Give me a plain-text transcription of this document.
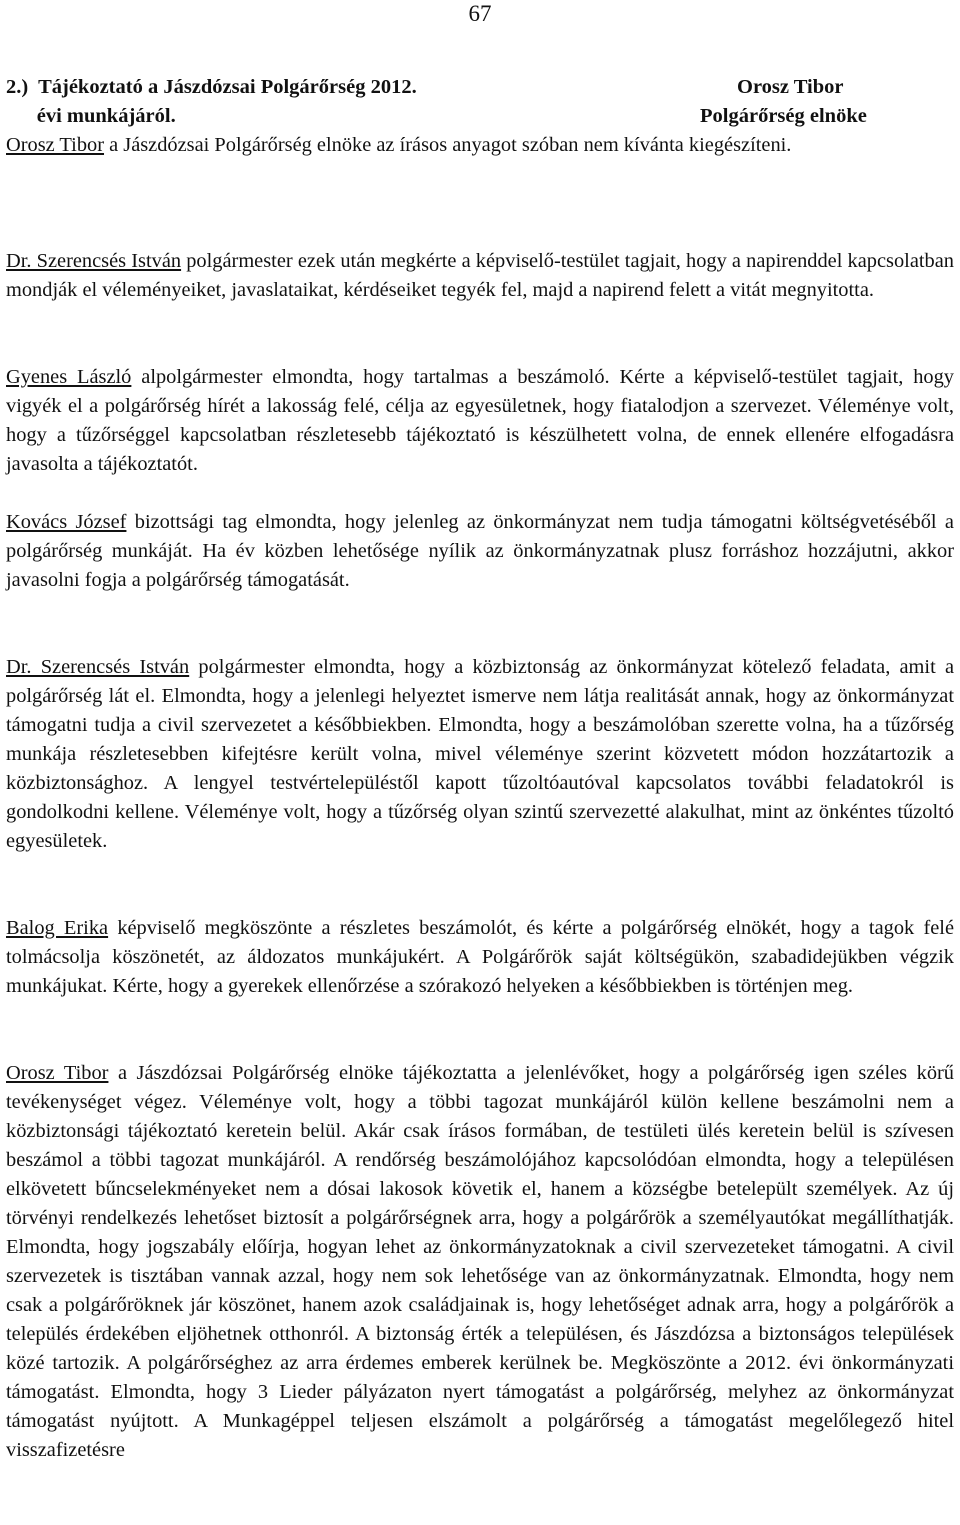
67
2.)  Tájékoztató a Jászdózsai Polgárőrség 2012.	Orosz Tibor
évi munkájáról.	Polgárőrség elnöke

Orosz Tibor a Jászdózsai Polgárőrség elnöke az írásos anyagot szóban nem kívánta kiegészíteni.

Dr. Szerencsés István polgármester ezek után megkérte a képviselő-testület tagjait, hogy a napirenddel kapcsolatban mondják el véleményeiket, javaslataikat, kérdéseiket tegyék fel, majd a napirend felett a vitát megnyitotta.

Gyenes László alpolgármester elmondta, hogy tartalmas a beszámoló. Kérte a képviselő-testület tagjait, hogy vigyék el a polgárőrség hírét a lakosság felé, célja az egyesületnek, hogy fiatalodjon a szervezet. Véleménye volt, hogy a tűzőrséggel kapcsolatban részletesebb tájékoztató is készülhetett volna, de ennek ellenére elfogadásra javasolta a tájékoztatót.

Kovács József bizottsági tag elmondta, hogy jelenleg az önkormányzat nem tudja támogatni költségvetéséből a polgárőrség munkáját. Ha év közben lehetősége nyílik az önkormányzatnak plusz forráshoz hozzájutni, akkor javasolni fogja a polgárőrség támogatását.

Dr. Szerencsés István polgármester elmondta, hogy a közbiztonság az önkormányzat kötelező feladata, amit a polgárőrség lát el. Elmondta, hogy a jelenlegi helyeztet ismerve nem látja realitását annak, hogy az önkormányzat támogatni tudja a civil szervezetet a későbbiekben. Elmondta, hogy a beszámolóban szerette volna, ha a tűzőrség munkája részletesebben kifejtésre került volna, mivel véleménye szerint közvetett módon hozzátartozik a közbiztonsághoz. A lengyel testvértelepüléstől kapott tűzoltóautóval kapcsolatos további feladatokról is gondolkodni kellene. Véleménye volt, hogy a tűzőrség olyan szintű szervezetté alakulhat, mint az önkéntes tűzoltó egyesületek.

Balog Erika képviselő megköszönte a részletes beszámolót, és kérte a polgárőrség elnökét, hogy a tagok felé tolmácsolja köszönetét, az áldozatos munkájukért. A Polgárőrök saját költségükön, szabadidejükben végzik munkájukat. Kérte, hogy a gyerekek ellenőrzése a szórakozó helyeken a későbbiekben is történjen meg.

Orosz Tibor a Jászdózsai Polgárőrség elnöke tájékoztatta a jelenlévőket, hogy a polgárőrség igen széles körű tevékenységet végez. Véleménye volt, hogy a többi tagozat munkájáról külön kellene beszámolni nem a közbiztonsági tájékoztató keretein belül. Akár csak írásos formában, de testületi ülés keretein belül is szívesen beszámol a többi tagozat munkájáról. A rendőrség beszámolójához kapcsolódóan elmondta, hogy a településen elkövetett bűncselekményeket nem a dósai lakosok követik el, hanem a községbe betelepült személyek. Az új törvényi rendelkezés lehetőset biztosít a polgárőrségnek arra, hogy a polgárőrök a személyautókat megállíthatják. Elmondta, hogy jogszabály előírja, hogyan lehet az önkormányzatoknak a civil szervezeteket támogatni. A civil szervezetek is tisztában vannak azzal, hogy nem sok lehetősége van az önkormányzatnak. Elmondta, hogy nem csak a polgárőröknek jár köszönet, hanem azok családjainak is, hogy lehetőséget adnak arra, hogy a polgárőrök a település érdekében eljöhetnek otthonról. A biztonság érték a településen, és Jászdózsa a biztonságos települések közé tartozik. A polgárőrséghez az arra érdemes emberek kerülnek be. Megköszönte a 2012. évi önkormányzati támogatást. Elmondta, hogy 3 Lieder pályázaton nyert támogatást a polgárőrség, melyhez az önkormányzat támogatást nyújtott. A Munkagéppel teljesen elszámolt a polgárőrség a támogatást megelőlegező hitel visszafizetésre
